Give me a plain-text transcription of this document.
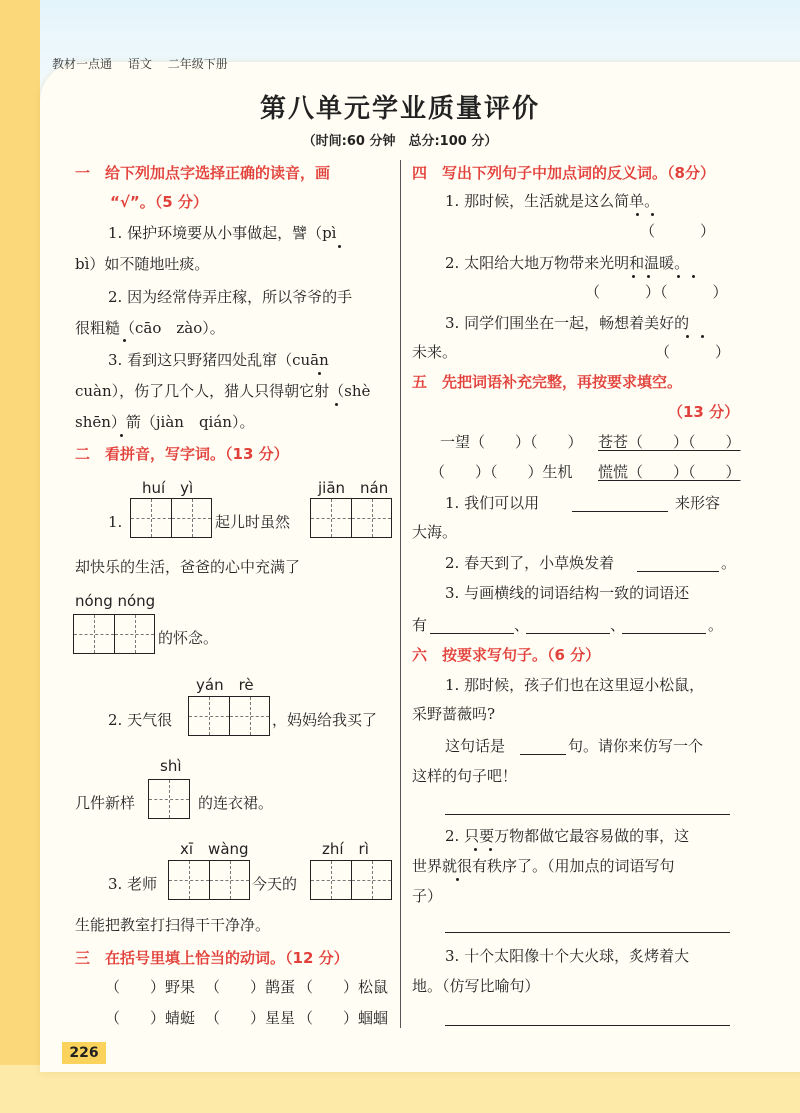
教材一点通 语文 二年级下册
第八单元学业质量评价
（时间:60 分钟　总分:100 分）
一　给下列加点字选择正确的读音，画
“√”。（5 分）
1. 保护环境要从小事做起，譬（pì
bì）如不随地吐痰。
2. 因为经常侍弄庄稼，所以爷爷的手
很粗糙（cāo　zào）。
3. 看到这只野猪四处乱窜（cuān
cuàn），伤了几个人，猎人只得朝它射（shè
shēn）箭（jiàn　qián）。
二　看拼音，写字词。（13 分）
huí　yì	jiān　nán
1.	起儿时虽然
却快乐的生活，爸爸的心中充满了
nóng nóng
的怀念。
yán　rè
2. 天气很	，妈妈给我买了
shì
几件新样	的连衣裙。
xī　wàng	zhí　rì
3. 老师	今天的
生能把教室打扫得干干净净。
三　在括号里填上恰当的动词。（12 分）
（　　）野果 （　　）鹊蛋 （　　）松鼠
（　　）蜻蜓 （　　）星星 （　　）蝈蝈
四　写出下列句子中加点词的反义词。（8分）
1. 那时候，生活就是这么简单。
（　　　）
2. 太阳给大地万物带来光明和温暖。
（　　　）（　　　）
3. 同学们围坐在一起，畅想着美好的
未来。	（　　　）
五　先把词语补充完整，再按要求填空。
（13 分）
一望（　　）（　　） 苍苍（　　）（　　）
（　　）（　　）生机 慌慌（　　）（　　）
1. 我们可以用	来形容
大海。
2. 春天到了，小草焕发着	。
3. 与画横线的词语结构一致的词语还
有	、	、	。
六　按要求写句子。（6 分）
1. 那时候，孩子们也在这里逗小松鼠，
采野蔷薇吗?
这句话是	句。请你来仿写一个
这样的句子吧！
2. 只要万物都做它最容易做的事，这
世界就很有秩序了。（用加点的词语写句
子）
3. 十个太阳像十个大火球，炙烤着大
地。（仿写比喻句）
226
